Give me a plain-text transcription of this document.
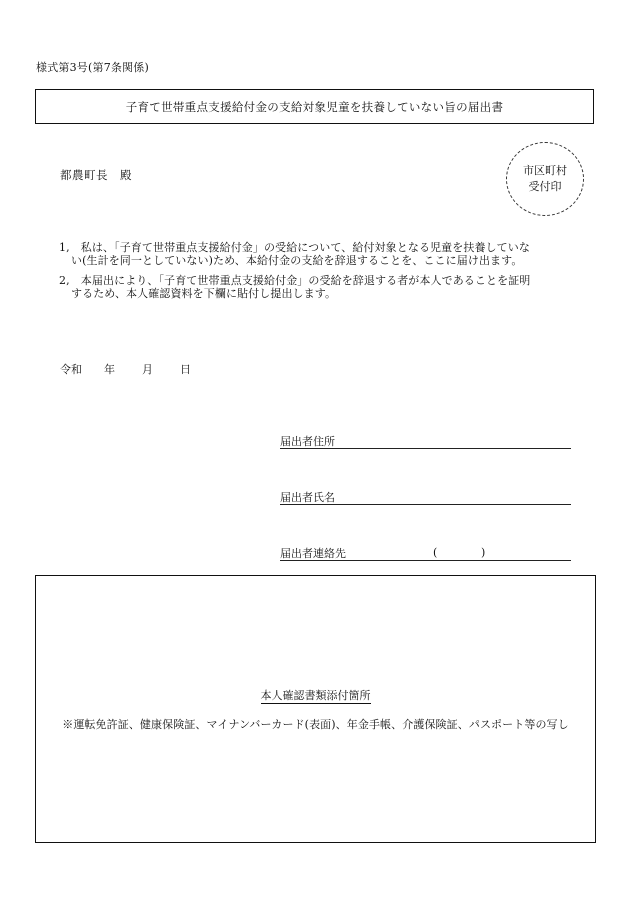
様式第3号(第7条関係)
子育て世帯重点支援給付金の支給対象児童を扶養していない旨の届出書
都農町長　殿	市区町村
受付印
1,　私は、「子育て世帯重点支援給付金」の受給について、給付対象となる児童を扶養していな
い(生計を同一としていない)ため、本給付金の支給を辞退することを、ここに届け出ます。
2,　本届出により、「子育て世帯重点支援給付金」の受給を辞退する者が本人であることを証明
するため、本人確認資料を下欄に貼付し提出します。
令和	年	月	日
届出者住所
届出者氏名
届出者連絡先	(	)
本人確認書類添付箇所
※運転免許証、健康保険証、マイナンバーカード(表面)、年金手帳、介護保険証、パスポート等の写し
